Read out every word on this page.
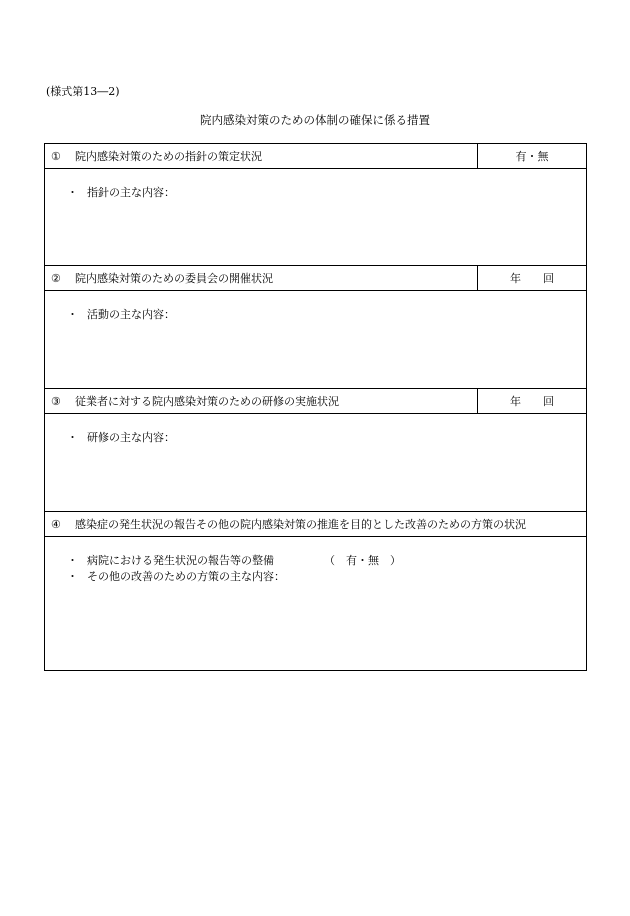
(様式第13―2)
院内感染対策のための体制の確保に係る措置
①	院内感染対策のための指針の策定状況	有・無
・ 指針の主な内容：
②	院内感染対策のための委員会の開催状況	年　　回
・ 活動の主な内容：
③	従業者に対する院内感染対策のための研修の実施状況	年　　回
・ 研修の主な内容：
④	感染症の発生状況の報告その他の院内感染対策の推進を目的とした改善のための方策の状況
・ 病院における発生状況の報告等の整備	（　有・無　）
・ その他の改善のための方策の主な内容：
